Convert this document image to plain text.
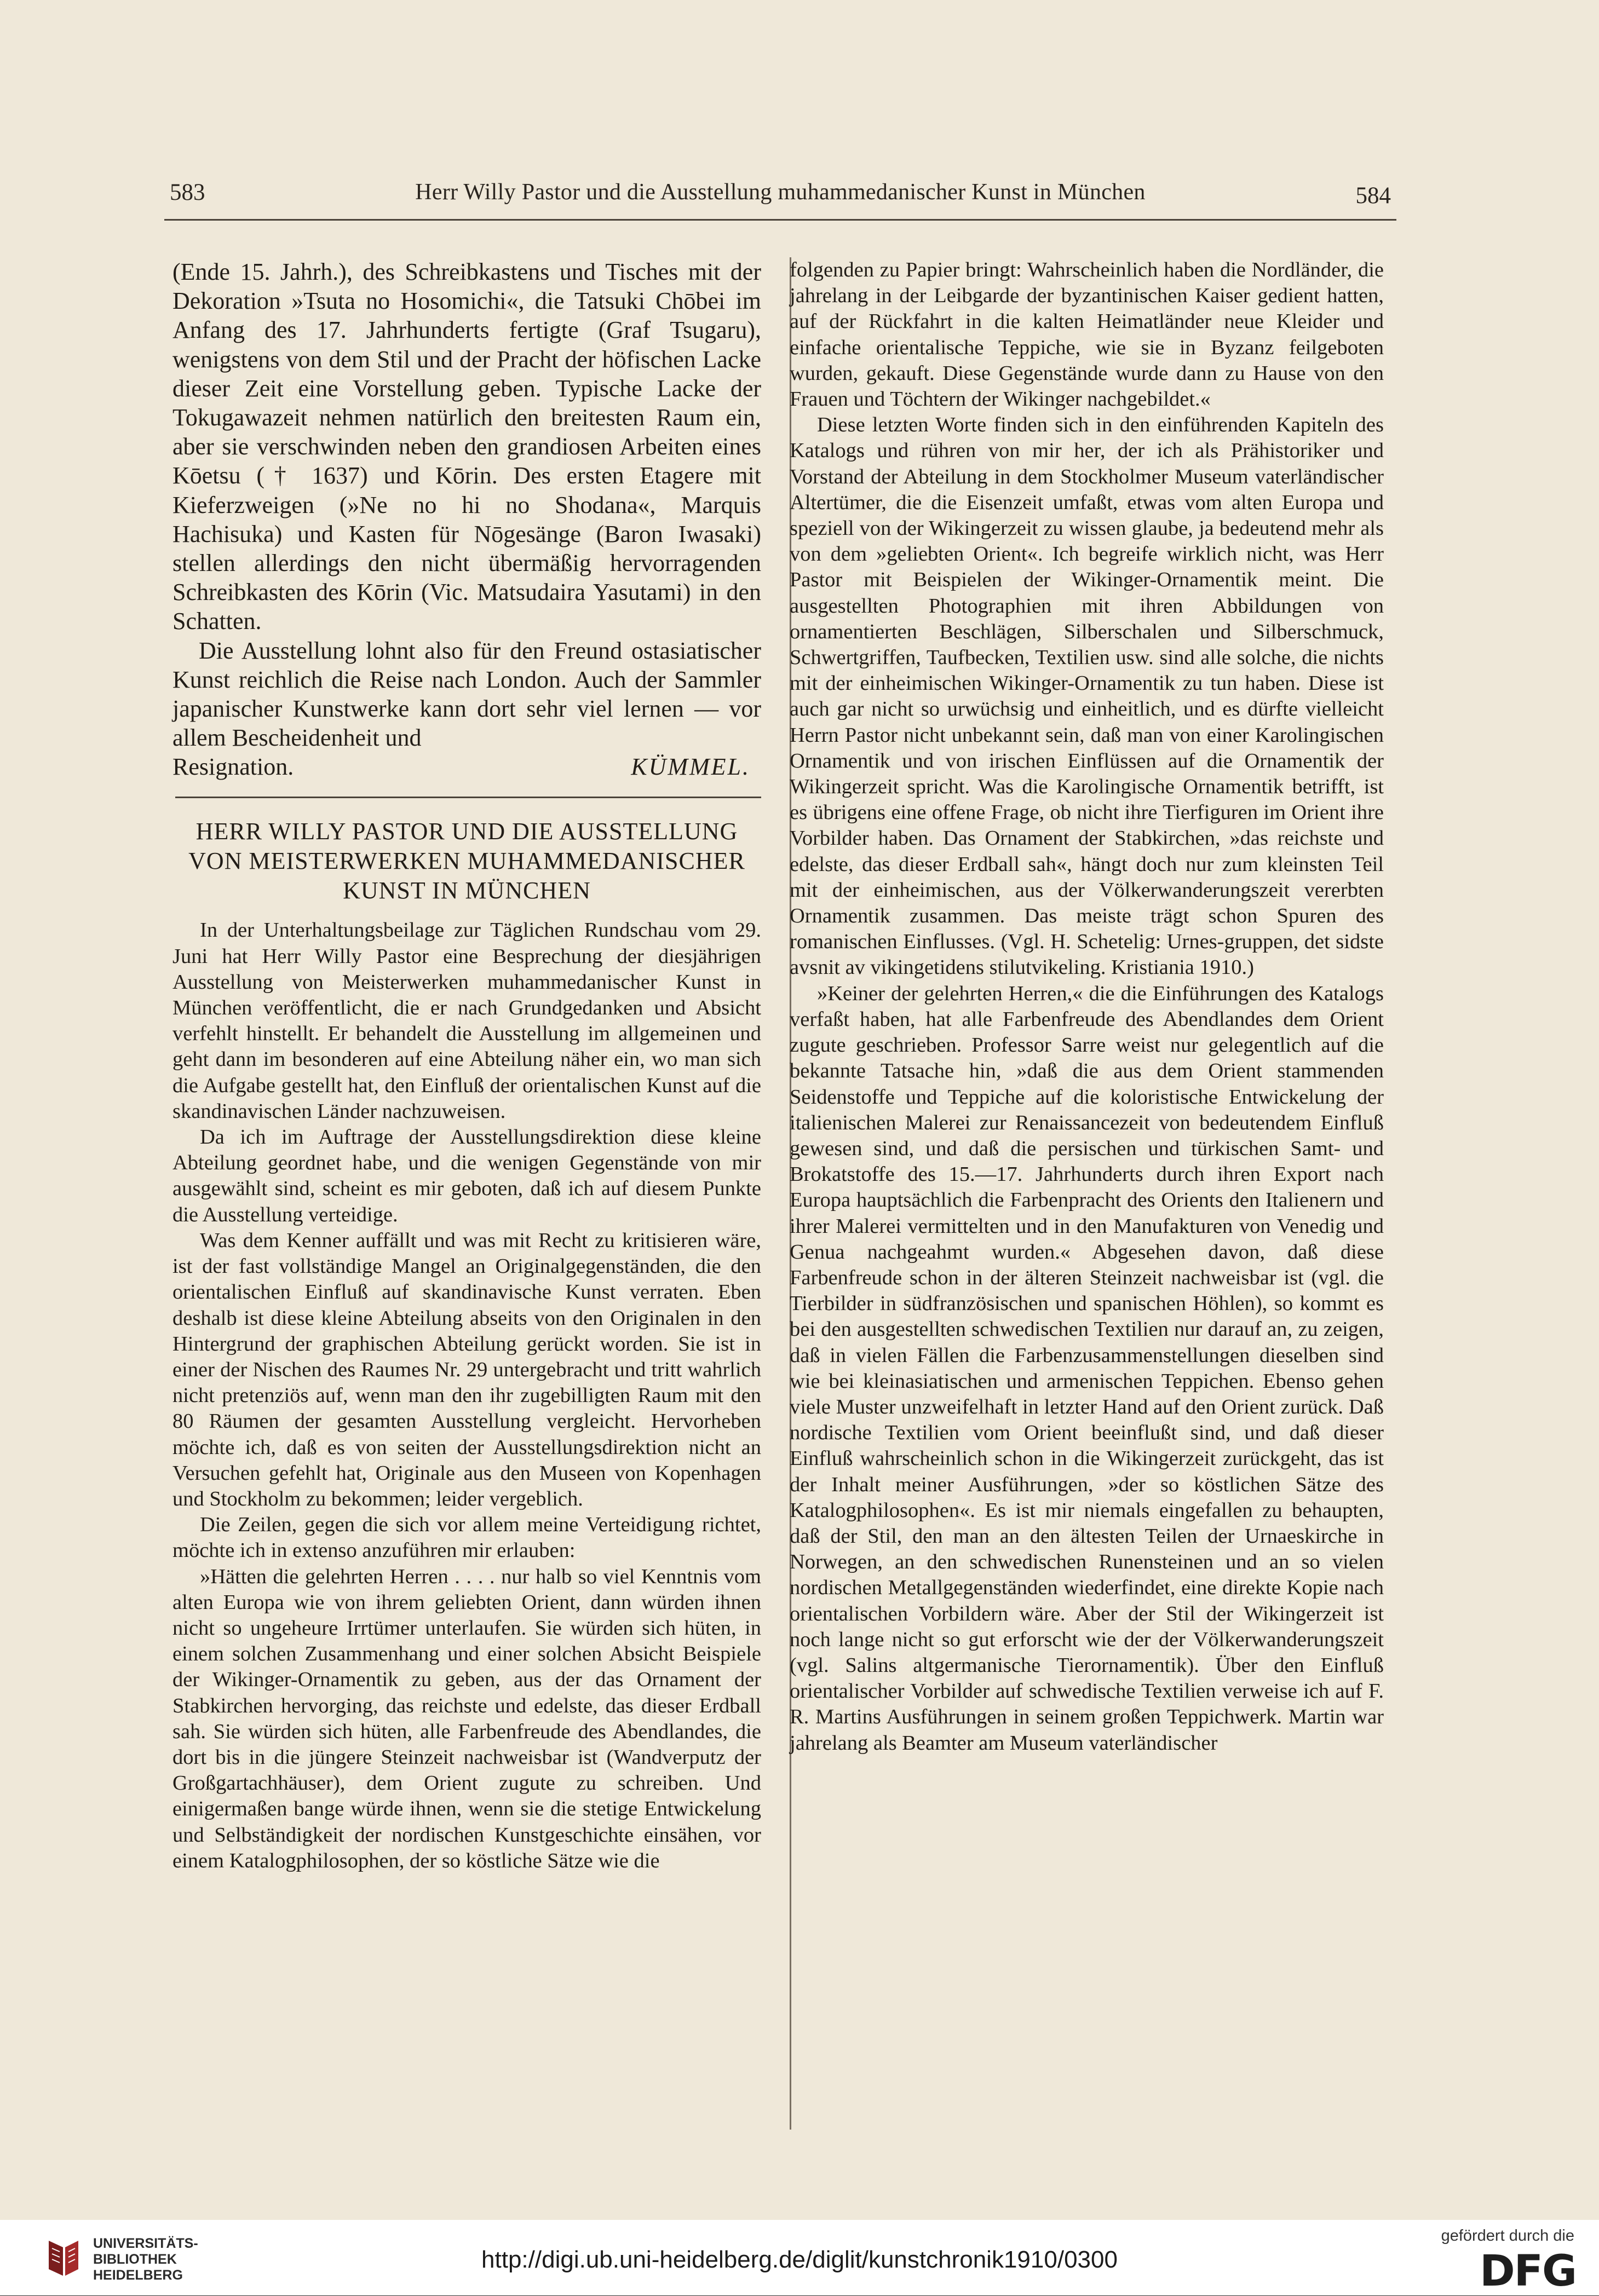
583	Herr Willy Pastor und die Ausstellung muhammedanischer Kunst in München	584

(Ende 15. Jahrh.), des Schreibkastens und Tisches mit der Dekoration »Tsuta no Hosomichi«, die Tatsuki Chōbei im Anfang des 17. Jahrhunderts fertigte (Graf Tsugaru), wenigstens von dem Stil und der Pracht der höfischen Lacke dieser Zeit eine Vorstellung geben. Typische Lacke der Tokugawazeit nehmen natürlich den breitesten Raum ein, aber sie verschwinden neben den grandiosen Arbeiten eines Kōetsu († 1637) und Kōrin. Des ersten Etagere mit Kieferzweigen (»Ne no hi no Shodana«, Marquis Hachisuka) und Kasten für Nōgesänge (Baron Iwasaki) stellen allerdings den nicht übermäßig hervorragenden Schreibkasten des Kōrin (Vic. Matsudaira Yasutami) in den Schatten.

Die Ausstellung lohnt also für den Freund ostasiatischer Kunst reichlich die Reise nach London. Auch der Sammler japanischer Kunstwerke kann dort sehr viel lernen — vor allem Bescheidenheit und

Resignation.	KÜMMEL.
HERR WILLY PASTOR UND DIE AUSSTELLUNG VON MEISTERWERKEN MUHAMMEDANISCHER KUNST IN MÜNCHEN

In der Unterhaltungsbeilage zur Täglichen Rundschau vom 29. Juni hat Herr Willy Pastor eine Besprechung der diesjährigen Ausstellung von Meisterwerken muhammedanischer Kunst in München veröffentlicht, die er nach Grundgedanken und Absicht verfehlt hinstellt. Er behandelt die Ausstellung im allgemeinen und geht dann im besonderen auf eine Abteilung näher ein, wo man sich die Aufgabe gestellt hat, den Einfluß der orientalischen Kunst auf die skandinavischen Länder nachzuweisen.

Da ich im Auftrage der Ausstellungsdirektion diese kleine Abteilung geordnet habe, und die wenigen Gegenstände von mir ausgewählt sind, scheint es mir geboten, daß ich auf diesem Punkte die Ausstellung verteidige.

Was dem Kenner auffällt und was mit Recht zu kritisieren wäre, ist der fast vollständige Mangel an Originalgegenständen, die den orientalischen Einfluß auf skandinavische Kunst verraten. Eben deshalb ist diese kleine Abteilung abseits von den Originalen in den Hintergrund der graphischen Abteilung gerückt worden. Sie ist in einer der Nischen des Raumes Nr. 29 untergebracht und tritt wahrlich nicht pretenziös auf, wenn man den ihr zugebilligten Raum mit den 80 Räumen der gesamten Ausstellung vergleicht. Hervorheben möchte ich, daß es von seiten der Ausstellungsdirektion nicht an Versuchen gefehlt hat, Originale aus den Museen von Kopenhagen und Stockholm zu bekommen; leider vergeblich.

Die Zeilen, gegen die sich vor allem meine Verteidigung richtet, möchte ich in extenso anzuführen mir erlauben:

»Hätten die gelehrten Herren . . . . nur halb so viel Kenntnis vom alten Europa wie von ihrem geliebten Orient, dann würden ihnen nicht so ungeheure Irrtümer unterlaufen. Sie würden sich hüten, in einem solchen Zusammenhang und einer solchen Absicht Beispiele der Wikinger-Ornamentik zu geben, aus der das Ornament der Stabkirchen hervorging, das reichste und edelste, das dieser Erdball sah. Sie würden sich hüten, alle Farbenfreude des Abendlandes, die dort bis in die jüngere Steinzeit nachweisbar ist (Wandverputz der Großgartachhäuser), dem Orient zugute zu schreiben. Und einigermaßen bange würde ihnen, wenn sie die stetige Entwickelung und Selbständigkeit der nordischen Kunstgeschichte einsähen, vor einem Katalogphilosophen, der so köstliche Sätze wie die

folgenden zu Papier bringt: Wahrscheinlich haben die Nordländer, die jahrelang in der Leibgarde der byzantinischen Kaiser gedient hatten, auf der Rückfahrt in die kalten Heimatländer neue Kleider und einfache orientalische Teppiche, wie sie in Byzanz feilgeboten wurden, gekauft. Diese Gegenstände wurde dann zu Hause von den Frauen und Töchtern der Wikinger nachgebildet.«

Diese letzten Worte finden sich in den einführenden Kapiteln des Katalogs und rühren von mir her, der ich als Prähistoriker und Vorstand der Abteilung in dem Stockholmer Museum vaterländischer Altertümer, die die Eisenzeit umfaßt, etwas vom alten Europa und speziell von der Wikingerzeit zu wissen glaube, ja bedeutend mehr als von dem »geliebten Orient«. Ich begreife wirklich nicht, was Herr Pastor mit Beispielen der Wikinger-Ornamentik meint. Die ausgestellten Photographien mit ihren Abbildungen von ornamentierten Beschlägen, Silberschalen und Silberschmuck, Schwertgriffen, Taufbecken, Textilien usw. sind alle solche, die nichts mit der einheimischen Wikinger-Ornamentik zu tun haben. Diese ist auch gar nicht so urwüchsig und einheitlich, und es dürfte vielleicht Herrn Pastor nicht unbekannt sein, daß man von einer Karolingischen Ornamentik und von irischen Einflüssen auf die Ornamentik der Wikingerzeit spricht. Was die Karolingische Ornamentik betrifft, ist es übrigens eine offene Frage, ob nicht ihre Tierfiguren im Orient ihre Vorbilder haben. Das Ornament der Stabkirchen, »das reichste und edelste, das dieser Erdball sah«, hängt doch nur zum kleinsten Teil mit der einheimischen, aus der Völkerwanderungszeit vererbten Ornamentik zusammen. Das meiste trägt schon Spuren des romanischen Einflusses. (Vgl. H. Schetelig: Urnes-gruppen, det sidste avsnit av vikingetidens stilutvikeling. Kristiania 1910.)

»Keiner der gelehrten Herren,« die die Einführungen des Katalogs verfaßt haben, hat alle Farbenfreude des Abendlandes dem Orient zugute geschrieben. Professor Sarre weist nur gelegentlich auf die bekannte Tatsache hin, »daß die aus dem Orient stammenden Seidenstoffe und Teppiche auf die koloristische Entwickelung der italienischen Malerei zur Renaissancezeit von bedeutendem Einfluß gewesen sind, und daß die persischen und türkischen Samt- und Brokatstoffe des 15.—17. Jahrhunderts durch ihren Export nach Europa hauptsächlich die Farbenpracht des Orients den Italienern und ihrer Malerei vermittelten und in den Manufakturen von Venedig und Genua nachgeahmt wurden.« Abgesehen davon, daß diese Farbenfreude schon in der älteren Steinzeit nachweisbar ist (vgl. die Tierbilder in südfranzösischen und spanischen Höhlen), so kommt es bei den ausgestellten schwedischen Textilien nur darauf an, zu zeigen, daß in vielen Fällen die Farbenzusammenstellungen dieselben sind wie bei kleinasiatischen und armenischen Teppichen. Ebenso gehen viele Muster unzweifelhaft in letzter Hand auf den Orient zurück. Daß nordische Textilien vom Orient beeinflußt sind, und daß dieser Einfluß wahrscheinlich schon in die Wikingerzeit zurückgeht, das ist der Inhalt meiner Ausführungen, »der so köstlichen Sätze des Katalogphilosophen«. Es ist mir niemals eingefallen zu behaupten, daß der Stil, den man an den ältesten Teilen der Urnaeskirche in Norwegen, an den schwedischen Runensteinen und an so vielen nordischen Metallgegenständen wiederfindet, eine direkte Kopie nach orientalischen Vorbildern wäre. Aber der Stil der Wikingerzeit ist noch lange nicht so gut erforscht wie der der Völkerwanderungszeit (vgl. Salins altgermanische Tierornamentik). Über den Einfluß orientalischer Vorbilder auf schwedische Textilien verweise ich auf F. R. Martins Ausführungen in seinem großen Teppichwerk. Martin war jahrelang als Beamter am Museum vaterländischer

UNIVERSITÄTS-
BIBLIOTHEK
HEIDELBERG
http://digi.ub.uni-heidelberg.de/diglit/kunstchronik1910/0300
gefördert durch die
DFG
